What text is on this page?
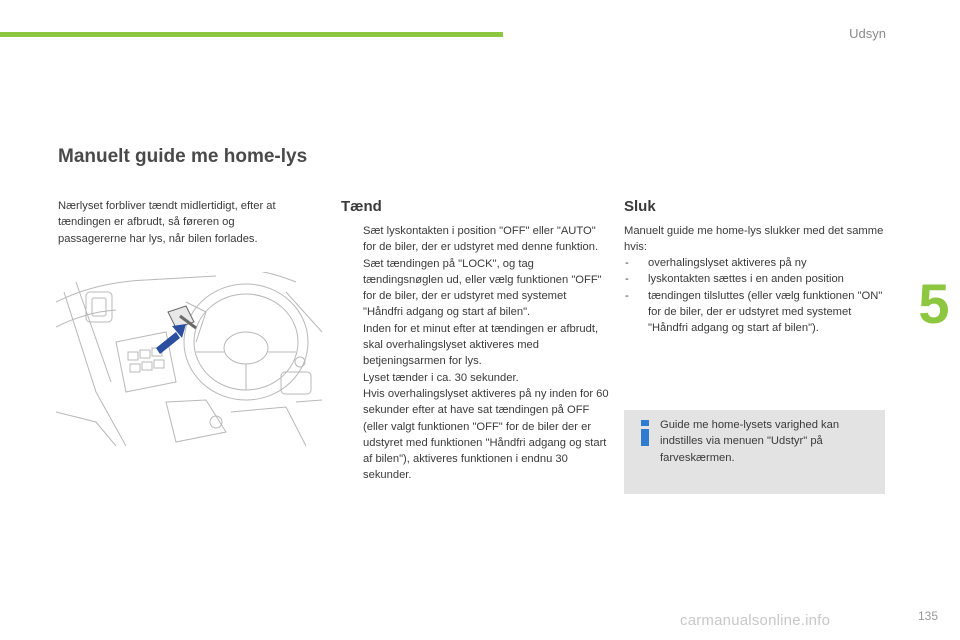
Udsyn
5
135
Manuelt guide me home-lys

Nærlyset forbliver tændt midlertidigt, efter at tændingen er afbrudt, så føreren og passagererne har lys, når bilen forlades.

Tænd
Sæt lyskontakten i position "OFF" eller "AUTO" for de biler, der er udstyret med denne funktion.
Sæt tændingen på "LOCK", og tag tændingsnøglen ud, eller vælg funktionen "OFF" for de biler, der er udstyret med systemet "Håndfri adgang og start af bilen".
Inden for et minut efter at tændingen er afbrudt, skal overhalingslyset aktiveres med betjeningsarmen for lys.
Lyset tænder i ca. 30 sekunder.
Hvis overhalingslyset aktiveres på ny inden for 60 sekunder efter at have sat tændingen på OFF (eller valgt funktionen "OFF" for de biler der er udstyret med funktionen "Håndfri adgang og start af bilen"), aktiveres funktionen i endnu 30 sekunder.
Sluk

Manuelt guide me home-lys slukker med det samme hvis:

- overhalingslyset aktiveres på ny
- lyskontakten sættes i en anden position
- tændingen tilsluttes (eller vælg funktionen "ON" for de biler, der er udstyret med systemet "Håndfri adgang og start af bilen").

Guide me home-lysets varighed kan indstilles via menuen "Udstyr" på farveskærmen.

carmanualsonline.info
